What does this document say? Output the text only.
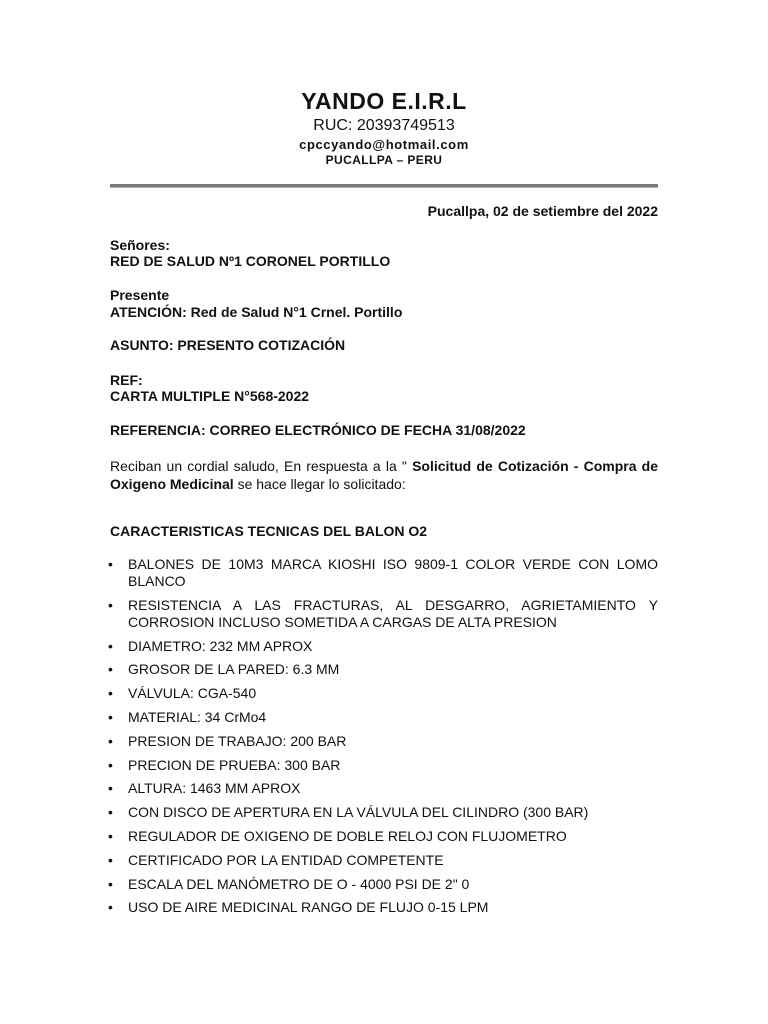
YANDO E.I.R.L
RUC: 20393749513
cpccyando@hotmail.com
PUCALLPA – PERU
Pucallpa, 02 de setiembre del 2022
Señores:
RED DE SALUD Nº1 CORONEL PORTILLO
Presente
ATENCIÓN: Red de Salud N°1 Crnel. Portillo
ASUNTO: PRESENTO COTIZACIÓN
REF:
CARTA MULTIPLE N°568-2022
REFERENCIA: CORREO ELECTRÓNICO DE FECHA 31/08/2022
Reciban un cordial saludo, En respuesta a la " Solicitud de Cotización - Compra de Oxigeno Medicinal se hace llegar lo solicitado:
CARACTERISTICAS TECNICAS DEL BALON O2
• BALONES DE 10M3 MARCA KIOSHI ISO 9809-1 COLOR VERDE CON LOMO BLANCO
• RESISTENCIA A LAS FRACTURAS, AL DESGARRO, AGRIETAMIENTO Y CORROSION INCLUSO SOMETIDA A CARGAS DE ALTA PRESION
• DIAMETRO: 232 MM APROX
• GROSOR DE LA PARED: 6.3 MM
• VÁLVULA: CGA-540
• MATERIAL: 34 CrMo4
• PRESION DE TRABAJO: 200 BAR
• PRECION DE PRUEBA: 300 BAR
• ALTURA: 1463 MM APROX
• CON DISCO DE APERTURA EN LA VÁLVULA DEL CILINDRO (300 BAR)
• REGULADOR DE OXIGENO DE DOBLE RELOJ CON FLUJOMETRO
• CERTIFICADO POR LA ENTIDAD COMPETENTE
• ESCALA DEL MANÓMETRO DE O - 4000 PSI DE 2" 0
• USO DE AIRE MEDICINAL RANGO DE FLUJO 0-15 LPM
